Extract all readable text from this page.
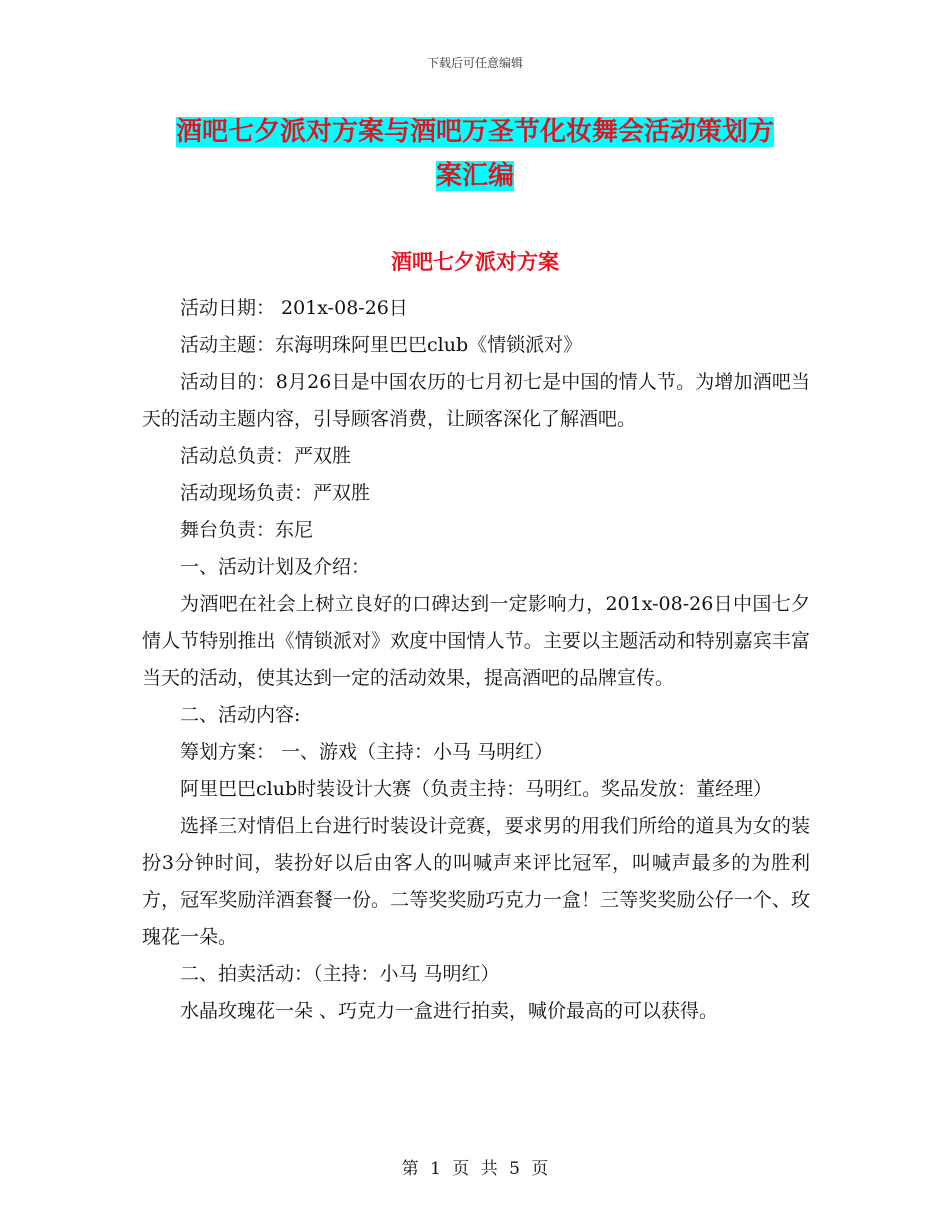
下载后可任意编辑
酒吧七夕派对方案与酒吧万圣节化妆舞会活动策划方
案汇编
酒吧七夕派对方案

活动日期： 201x-08-26日

活动主题：东海明珠阿里巴巴club《情锁派对》

活动目的：8月26日是中国农历的七月初七是中国的情人节。为增加酒吧当天的活动主题内容，引导顾客消费，让顾客深化了解酒吧。

活动总负责：严双胜

活动现场负责：严双胜

舞台负责：东尼

一、活动计划及介绍：

为酒吧在社会上树立良好的口碑达到一定影响力，201x-08-26日中国七夕情人节特别推出《情锁派对》欢度中国情人节。主要以主题活动和特别嘉宾丰富当天的活动，使其达到一定的活动效果，提高酒吧的品牌宣传。

二、活动内容:

筹划方案： 一、游戏（主持：小马 马明红）

阿里巴巴club时装设计大赛（负责主持：马明红。奖品发放：董经理）

选择三对情侣上台进行时装设计竞赛，要求男的用我们所给的道具为女的装扮3分钟时间，装扮好以后由客人的叫喊声来评比冠军，叫喊声最多的为胜利方，冠军奖励洋酒套餐一份。二等奖奖励巧克力一盒！三等奖奖励公仔一个、玫瑰花一朵。

二、拍卖活动：（主持：小马 马明红）

水晶玫瑰花一朵 、巧克力一盒进行拍卖，喊价最高的可以获得。

第 1 页 共 5 页
